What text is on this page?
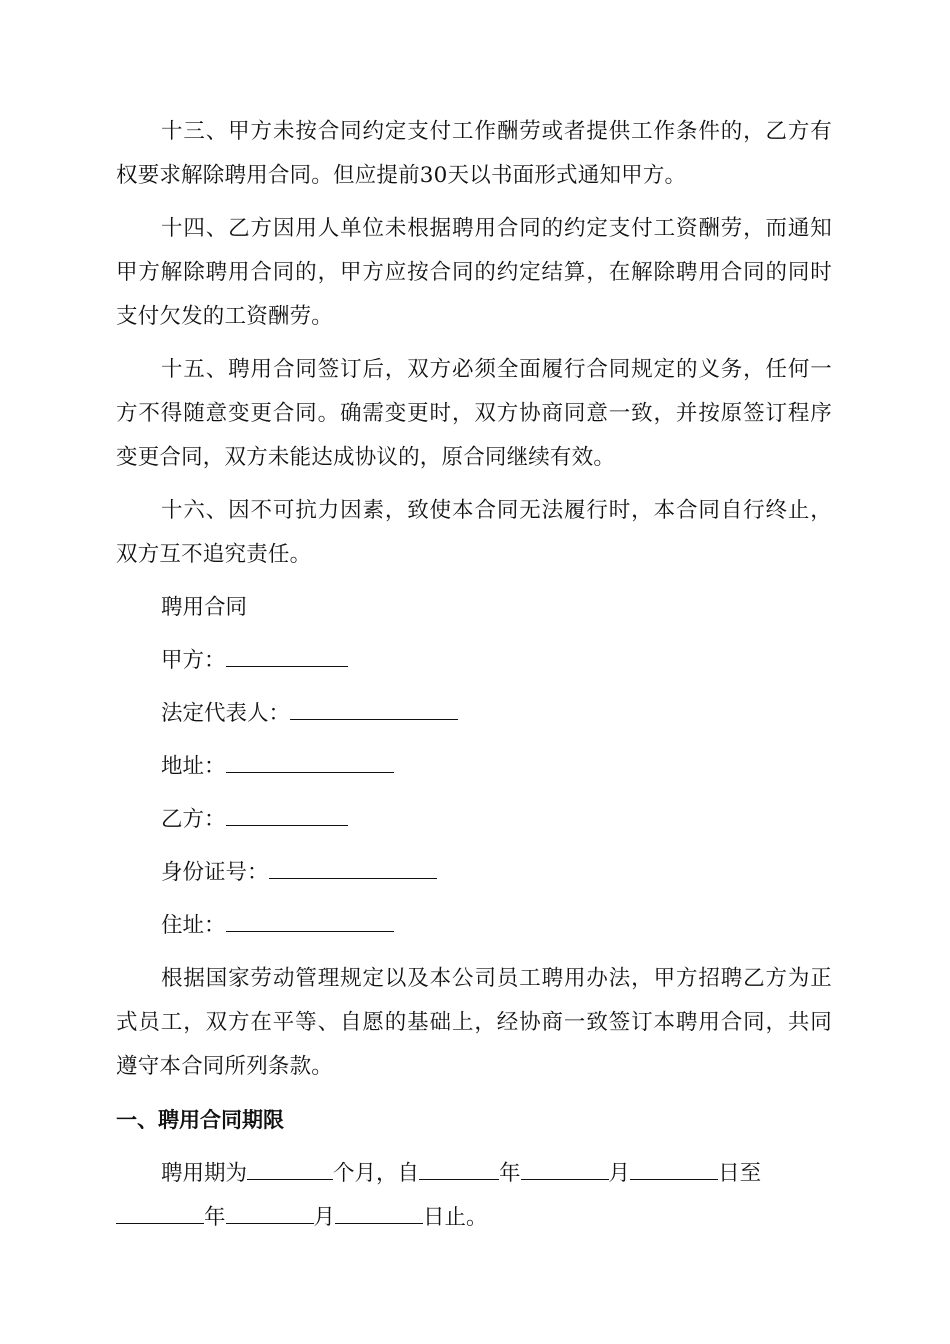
十三、甲方未按合同约定支付工作酬劳或者提供工作条件的，乙方有权要求解除聘用合同。但应提前30天以书面形式通知甲方。

十四、乙方因用人单位未根据聘用合同的约定支付工资酬劳，而通知甲方解除聘用合同的，甲方应按合同的约定结算，在解除聘用合同的同时支付欠发的工资酬劳。

十五、聘用合同签订后，双方必须全面履行合同规定的义务，任何一方不得随意变更合同。确需变更时，双方协商同意一致，并按原签订程序变更合同，双方未能达成协议的，原合同继续有效。

十六、因不可抗力因素，致使本合同无法履行时，本合同自行终止，双方互不追究责任。

聘用合同

甲方：

法定代表人：

地址：

乙方：

身份证号：

住址：

根据国家劳动管理规定以及本公司员工聘用办法，甲方招聘乙方为正式员工，双方在平等、自愿的基础上，经协商一致签订本聘用合同，共同遵守本合同所列条款。

一、聘用合同期限

聘用期为	个月，自	年	月	日至
年	月	日止。
